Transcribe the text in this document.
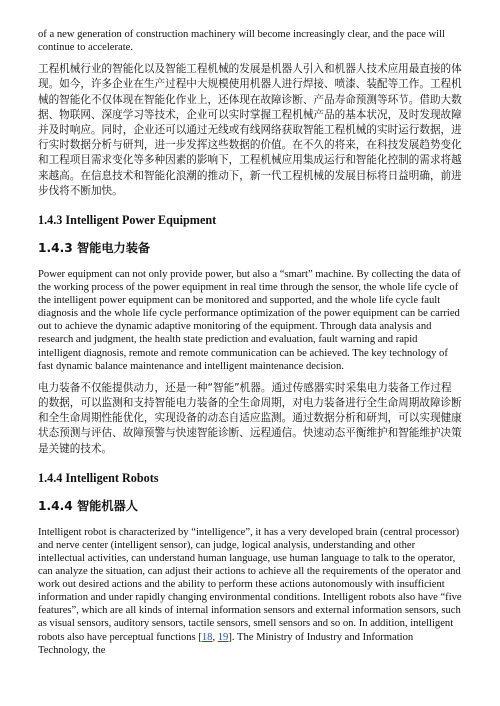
of a new generation of construction machinery will become increasingly clear, and the pace will continue to accelerate.

工程机械行业的智能化以及智能工程机械的发展是机器人引入和机器人技术应用最直接的体现。如今，许多企业在生产过程中大规模使用机器人进行焊接、喷漆、装配等工作。工程机械的智能化不仅体现在智能化作业上，还体现在故障诊断、产品寿命预测等环节。借助大数据、物联网、深度学习等技术，企业可以实时掌握工程机械产品的基本状况，及时发现故障并及时响应。同时，企业还可以通过无线或有线网络获取智能工程机械的实时运行数据，进行实时数据分析与研判，进一步发挥这些数据的价值。在不久的将来，在科技发展趋势变化和工程项目需求变化等多种因素的影响下，工程机械应用集成运行和智能化控制的需求将越来越高。在信息技术和智能化浪潮的推动下，新一代工程机械的发展目标将日益明确，前进步伐将不断加快。

1.4.3 Intelligent Power Equipment
1.4.3 智能电力装备

Power equipment can not only provide power, but also a “smart” machine. By collecting the data of the working process of the power equipment in real time through the sensor, the whole life cycle of the intelligent power equipment can be monitored and supported, and the whole life cycle fault diagnosis and the whole life cycle performance optimization of the power equipment can be carried out to achieve the dynamic adaptive monitoring of the equipment. Through data analysis and research and judgment, the health state prediction and evaluation, fault warning and rapid intelligent diagnosis, remote and remote communication can be achieved. The key technology of fast dynamic balance maintenance and intelligent maintenance decision.

电力装备不仅能提供动力，还是一种“智能”机器。通过传感器实时采集电力装备工作过程的数据，可以监测和支持智能电力装备的全生命周期，对电力装备进行全生命周期故障诊断和全生命周期性能优化，实现设备的动态自适应监测。通过数据分析和研判，可以实现健康状态预测与评估、故障预警与快速智能诊断、远程通信。快速动态平衡维护和智能维护决策是关键的技术。

1.4.4 Intelligent Robots
1.4.4 智能机器人

Intelligent robot is characterized by “intelligence”, it has a very developed brain (central processor) and nerve center (intelligent sensor), can judge, logical analysis, understanding and other intellectual activities, can understand human language, use human language to talk to the operator, can analyze the situation, can adjust their actions to achieve all the requirements of the operator and work out desired actions and the ability to perform these actions autonomously with insufficient information and under rapidly changing environmental conditions. Intelligent robots also have “five features”, which are all kinds of internal information sensors and external information sensors, such as visual sensors, auditory sensors, tactile sensors, smell sensors and so on. In addition, intelligent robots also have perceptual functions [18, 19]. The Ministry of Industry and Information Technology, the
